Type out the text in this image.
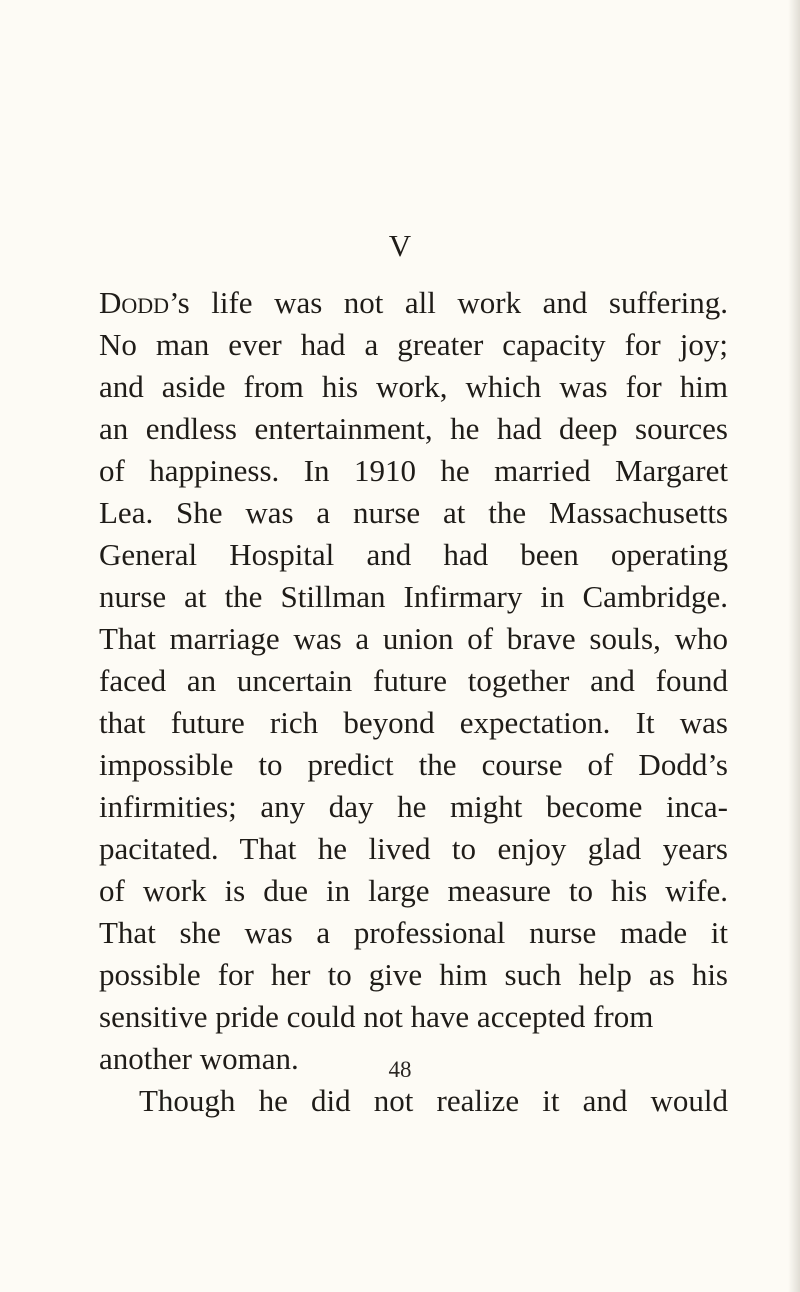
V
Dodd’s life was not all work and suffering.
No man ever had a greater capacity for joy;
and aside from his work, which was for him
an endless entertainment, he had deep sources
of happiness. In 1910 he married Margaret
Lea. She was a nurse at the Massachusetts
General Hospital and had been operating
nurse at the Stillman Infirmary in Cambridge.
That marriage was a union of brave souls, who
faced an uncertain future together and found
that future rich beyond expectation. It was
impossible to predict the course of Dodd’s
infirmities; any day he might become inca-
pacitated. That he lived to enjoy glad years
of work is due in large measure to his wife.
That she was a professional nurse made it
possible for her to give him such help as his
sensitive pride could not have accepted from
another woman.
Though he did not realize it and would
48
